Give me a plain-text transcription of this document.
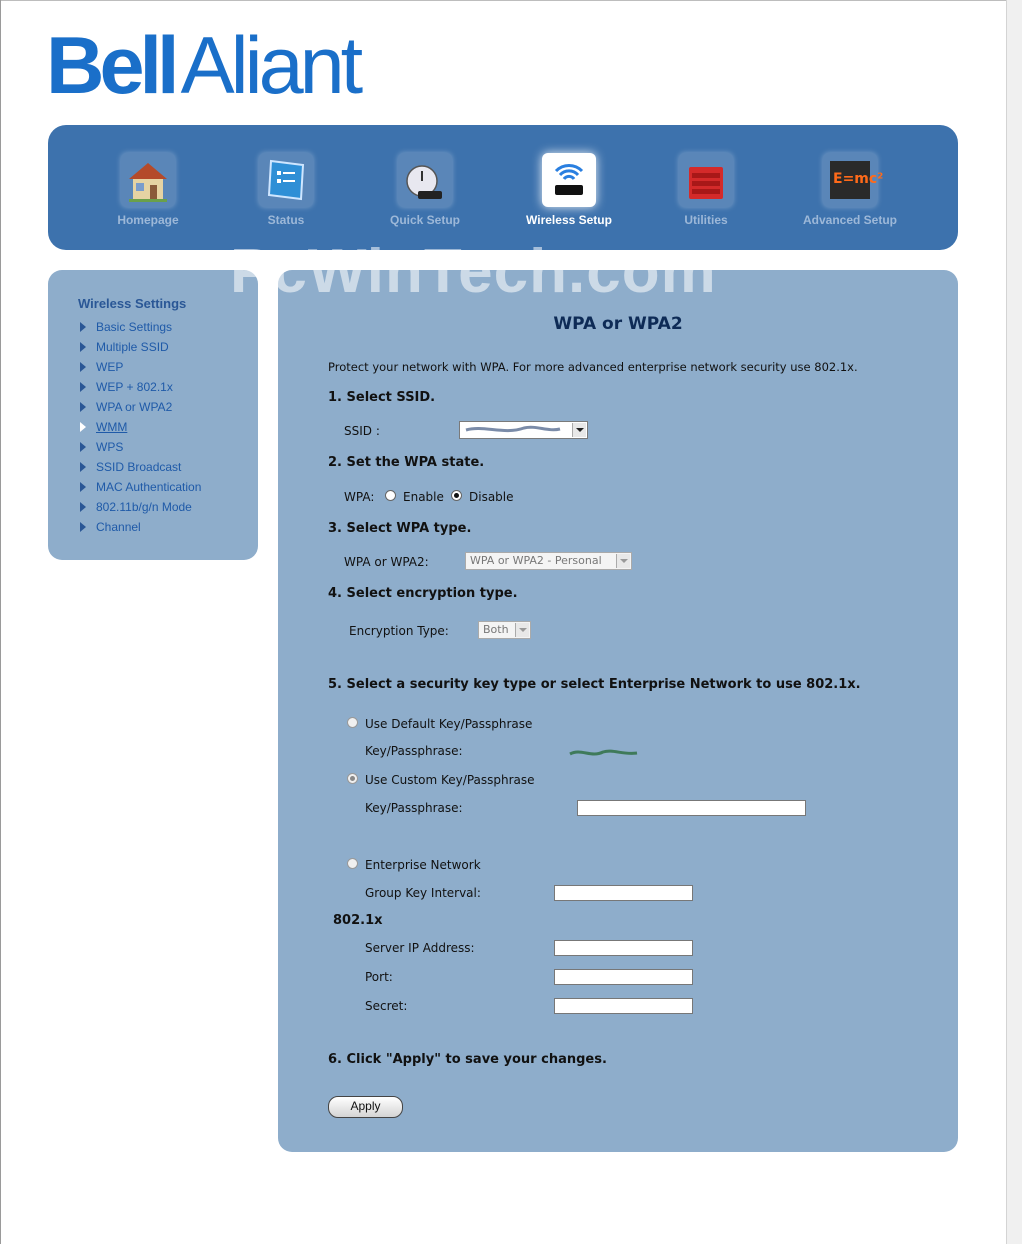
BellAliant
Homepage	Status	Quick Setup	Wireless Setup	Utilities
E=mc²
Advanced Setup
Wireless Settings
Basic Settings
Multiple SSID
WEP
WEP + 802.1x
WPA or WPA2
WMM
WPS
SSID Broadcast
MAC Authentication
802.11b/g/n Mode
Channel
WPA or WPA2
Protect your network with WPA. For more advanced enterprise network security use 802.1x.
1. Select SSID.
SSID :
2. Set the WPA state.
WPA: Enable Disable
3. Select WPA type.
WPA or WPA2:	WPA or WPA2 - Personal
4. Select encryption type.
Encryption Type:	Both
5. Select a security key type or select Enterprise Network to use 802.1x.
Use Default Key/Passphrase
Key/Passphrase:
Use Custom Key/Passphrase
Key/Passphrase:
Enterprise Network
Group Key Interval:
802.1x
Server IP Address:
Port:
Secret:
6. Click "Apply" to save your changes.
Apply
PcWinTech.com
